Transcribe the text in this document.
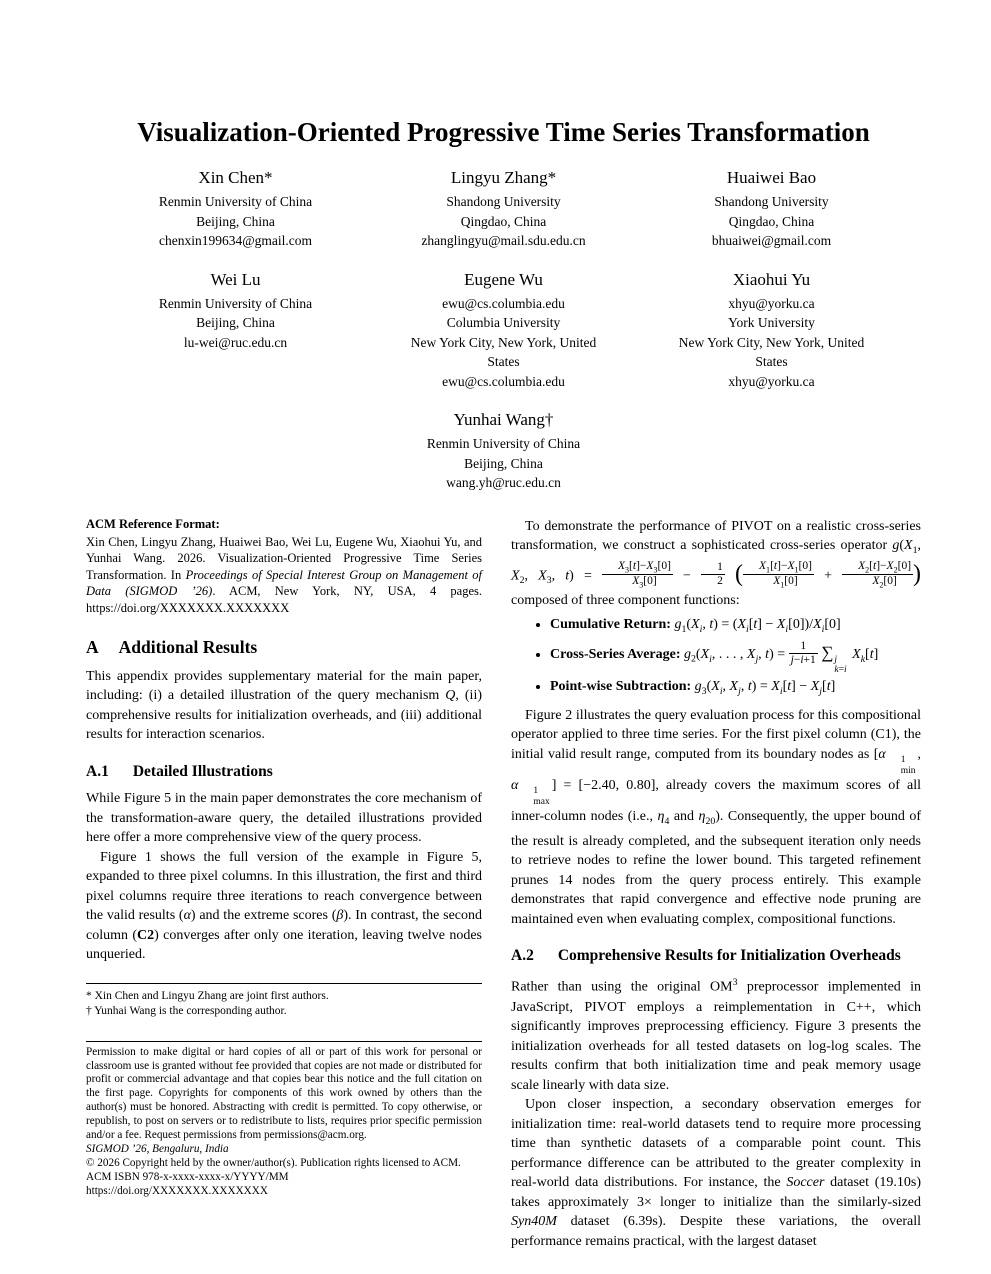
Visualization-Oriented Progressive Time Series Transformation
Xin Chen*
Renmin University of China
Beijing, China
chenxin199634@gmail.com
Lingyu Zhang*
Shandong University
Qingdao, China
zhanglingyu@mail.sdu.edu.cn
Huaiwei Bao
Shandong University
Qingdao, China
bhuaiwei@gmail.com
Wei Lu
Renmin University of China
Beijing, China
lu-wei@ruc.edu.cn
Eugene Wu
ewu@cs.columbia.edu
Columbia University
New York City, New York, United
States
ewu@cs.columbia.edu
Xiaohui Yu
xhyu@yorku.ca
York University
New York City, New York, United
States
xhyu@yorku.ca
Yunhai Wang†
Renmin University of China
Beijing, China
wang.yh@ruc.edu.cn

ACM Reference Format:

Xin Chen, Lingyu Zhang, Huaiwei Bao, Wei Lu, Eugene Wu, Xiaohui Yu, and Yunhai Wang. 2026. Visualization-Oriented Progressive Time Series Transformation. In Proceedings of Special Interest Group on Management of Data (SIGMOD ’26). ACM, New York, NY, USA, 4 pages. https://doi.org/XXXXXXX.XXXXXXX

A Additional Results

This appendix provides supplementary material for the main paper, including: (i) a detailed illustration of the query mechanism Q, (ii) comprehensive results for initialization overheads, and (iii) additional results for interaction scenarios.

A.1 Detailed Illustrations

While Figure 5 in the main paper demonstrates the core mechanism of the transformation-aware query, the detailed illustrations provided here offer a more comprehensive view of the query process.

Figure 1 shows the full version of the example in Figure 5, expanded to three pixel columns. In this illustration, the first and third pixel columns require three iterations to reach convergence between the valid results (α) and the extreme scores (β). In contrast, the second column (C2) converges after only one iteration, leaving twelve nodes unqueried.

* Xin Chen and Lingyu Zhang are joint first authors.

† Yunhai Wang is the corresponding author.

Permission to make digital or hard copies of all or part of this work for personal or classroom use is granted without fee provided that copies are not made or distributed for profit or commercial advantage and that copies bear this notice and the full citation on the first page. Copyrights for components of this work owned by others than the author(s) must be honored. Abstracting with credit is permitted. To copy otherwise, or republish, to post on servers or to redistribute to lists, requires prior specific permission and/or a fee. Request permissions from permissions@acm.org.

SIGMOD ’26, Bengaluru, India

© 2026 Copyright held by the owner/author(s). Publication rights licensed to ACM.

ACM ISBN 978-x-xxxx-xxxx-x/YYYY/MM

https://doi.org/XXXXXXX.XXXXXXX

To demonstrate the performance of PIVOT on a realistic cross-series transformation, we construct a sophisticated cross-series operator $g(X_1$, $X_2$, $X_3$, $t) = \frac{X_3[t]-X_3[0]}{X_3[0]} - \frac{1}{2}$ ( $\frac{X_1[t]-X_1[0]}{X_1[0]} + \frac{X_2[t]-X_2[0]}{X_2[0]}$ ) composed of three component functions:

• Cumulative Return: $g_1(X_i$, $t) = (X_i[t] - X_i[0])/X_i[0]$
• Cross-Series Average: $g_2(X_i$, . . . , $X_j$, $t) = \frac{1}{j-i+1}$ ∑ j
k=i
$X_k[t]$
• Point-wise Subtraction: $g_3(X_i$, $X_j$, $t) = X_i[t] - X_j[t]$

Figure 2 illustrates the query evaluation process for this compositional operator applied to three time series. For the first pixel column (C1), the initial valid result range, computed from its boundary nodes as [α	1
min
, α	1
max
] = [−2.40, 0.80], already covers the maximum scores of all inner-column nodes (i.e., $\eta_4$ and $\eta_{20}$). Consequently, the upper bound of the result is already completed, and the subsequent iteration only needs to retrieve nodes to refine the lower bound. This targeted refinement prunes 14 nodes from the query process entirely. This example demonstrates that rapid convergence and effective node pruning are maintained even when evaluating complex, compositional functions.

A.2 Comprehensive Results for Initialization Overheads

Rather than using the original $OM^3$ preprocessor implemented in JavaScript, PIVOT employs a reimplementation in C++, which significantly improves preprocessing efficiency. Figure 3 presents the initialization overheads for all tested datasets on log-log scales. The results confirm that both initialization time and peak memory usage scale linearly with data size.

Upon closer inspection, a secondary observation emerges for initialization time: real-world datasets tend to require more processing time than synthetic datasets of a comparable point count. This performance difference can be attributed to the greater complexity in real-world data distributions. For instance, the Soccer dataset (19.10s) takes approximately 3× longer to initialize than the similarly-sized Syn40M dataset (6.39s). Despite these variations, the overall performance remains practical, with the largest dataset
